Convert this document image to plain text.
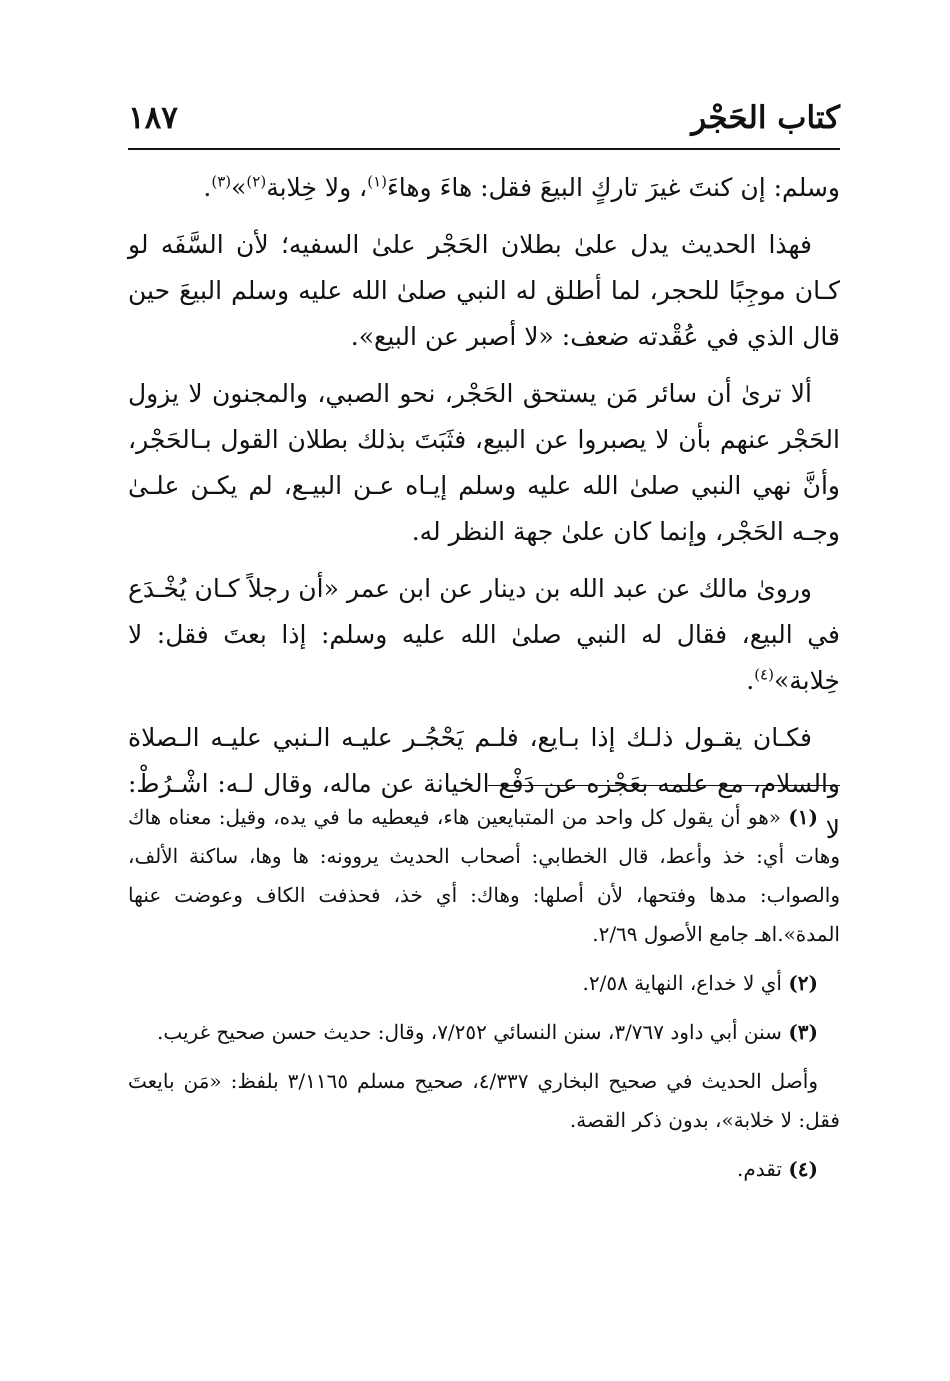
كتاب الحَجْر
١٨٧

وسلم: إن كنتَ غيرَ تاركٍ البيعَ فقل: هاءَ وهاءَ$^{(١)}$، ولا خِلابة$^{(٢)}$»$^{(٣)}$.

فهذا الحديث يدل علىٰ بطلان الحَجْر علىٰ السفيه؛ لأن السَّفَه لو كـان موجِبًا للحجر، لما أطلق له النبي صلىٰ الله عليه وسلم البيعَ حين قال الذي في عُقْدته ضعف: «لا أصبر عن البيع».

ألا ترىٰ أن سائر مَن يستحق الحَجْر، نحو الصبي، والمجنون لا يزول الحَجْر عنهم بأن لا يصبروا عن البيع، فثَبَتَ بذلك بطلان القول بـالحَجْر، وأنَّ نهي النبي صلىٰ الله عليه وسلم إيـاه عـن البيـع، لم يكـن علـىٰ وجـه الحَجْر، وإنما كان علىٰ جهة النظر له.

وروىٰ مالك عن عبد الله بن دينار عن ابن عمر «أن رجلاً كـان يُخْـدَع في البيع، فقال له النبي صلىٰ الله عليه وسلم: إذا بعتَ فقل: لا خِلابة»$^{(٤)}$.

فكـان يقـول ذلـك إذا بـايع، فلـم يَحْجُـر عليـه الـنبي عليـه الـصلاة والسلام، مع علمه بعَجْزه عن دَفْع الخيانة عن ماله، وقال لـه: اشْـرُطْ: لا

(١) «هو أن يقول كل واحد من المتبايعين هاء، فيعطيه ما في يده، وقيل: معناه هاك وهات أي: خذ وأعط، قال الخطابي: أصحاب الحديث يروونه: ها وها، ساكنة الألف، والصواب: مدها وفتحها، لأن أصلها: وهاك: أي خذ، فحذفت الكاف وعوضت عنها المدة».اهـ جامع الأصول ٢/٦٩.
(٢) أي لا خداع، النهاية ٢/٥٨.
(٣) سنن أبي داود ٣/٧٦٧، سنن النسائي ٧/٢٥٢، وقال: حديث حسن صحيح غريب.
وأصل الحديث في صحيح البخاري ٤/٣٣٧، صحيح مسلم ٣/١١٦٥ بلفظ: «مَن بايعتَ فقل: لا خلابة»، بدون ذكر القصة.
(٤) تقدم.
